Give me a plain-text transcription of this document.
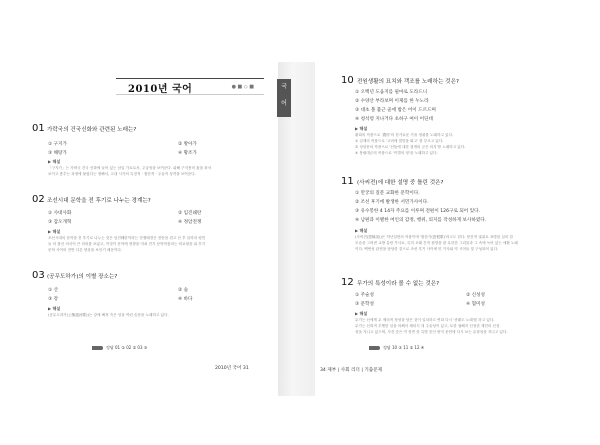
2010년 국어	● ■ ◇ ■	국
어
01 가락국의 건국신화와 관련된 노래는?
① 구지가	② 방아가
③ 해탕가	④ 황조가
▶ 해설
「구지가」는 가락국 건국 신화에 들어 있는 삼입 가요로서, 주술성을 보여준다. 위해 구지봉의 흙을 파서
보이고 충추는 과정에 불렀다는 정해서, 고대 시가의 특징적 · 집단적 · 주술적 성격을 보여준다.
02 조선시대 문학을 전 후기로 나누는 경계는?
① 사대사화	② 임진왜란
③ 갑오개혁	④ 정암전쟁
▶ 해설
조선시대의 문학을 전 후기로 나누는 것은 임진왜란이라는 전쟁배경은 전란을 겪고 난 후 실학과 평민
들 의 참신 의식이 큰 의의를 보았고, 이것이 문학에 영향을 미쳐 전기 문학작품과는 비교평을 위 후기
문학 사이의 전반 다른 양상을 보인기 때문이다.
03 (공무도하가)의 이별 장소는?
① 산	② 숲
③ 강	④ 바다
▶ 해설
(공무도하가(公無渡河歌))는 강에 빠져 죽은 임을 여런 슬픔을 노래하고 있다.
정답 01 ① 02 ② 03 ③
2010년 국어 31
10 전원생활의 묘치와 객조를 노래하는 것은?
① 오백년 도읍지를 필마로 도라드니
② 수양산 부라보며 이제를 한 누노라
③ 대초 볼 불근 골에 밤은 어이 드르드며
④ 청석령 지나거다 초하구 여이 어딘데
▶ 해설
황희의 작품으로 '農村'의 한가로운 가을 정취를 노래하고 있다.
① 길재의 작품으로 '고려에 멸망을 회고' 를 부르고 있다.
② 성삼문의 작품으로 '선돌에 대한 절개의 굳은 의지'를 노래하고 있다.
④ 봉림대군의 작품으로 '이별의 정'을 노래하고 있다.
11 (사씨전)에 대한 설명 중 틀린 것은?
① 만궁의 질문 교화한 문학이다.
② 조선 후기에 발생한 서민가사이다.
③ 유수봉한 4 14자 주요를 이루며 전편이 126구로 되어 있다.
④ 남편과 이별한 여인의 감정, 행위, 의지를 작성하게 보사하였다.
▶ 해설
(사씨전(思婦詞))은 허난설헌의 작품이며 '원한가(怨恨歌)'라고도 한다. 봉건적 권위로 표명된 실의 한
모습을 그려낸 교방 유랑 가사로, 특히 오래 간적 원망을 함 무한한 그리움과 그 속에 녹아 있는 애환 노래
이다. 백번성 관현을 담당한 것으로 조선 후기 사이에 민 기사와 약 시어들 및 구성되어 있다.
12 무가의 특성이라 볼 수 없는 것은?
① 주술성	② 신성성
③ 문학성	④ 혈미성
▶ 해설
무가는 신에게 무 제의적 정성을 담은 것이 일치하고 연희 다시 '종래도 노래'를 하고 있다.
무가는 신화적 우엔한 일을 의해서 제의식 대 주술성이 있고, 토한 권해지 신성한 재전의 신성
성을 지니고 있으며, 사건 증은 약 장면 한 특별 증인 양지 문헌에 다시 보는 유형성을 지니고 있다.
정답 10 ③ 11 ② 12 ④
34 제부 | 사회 리더 | 기출문제
